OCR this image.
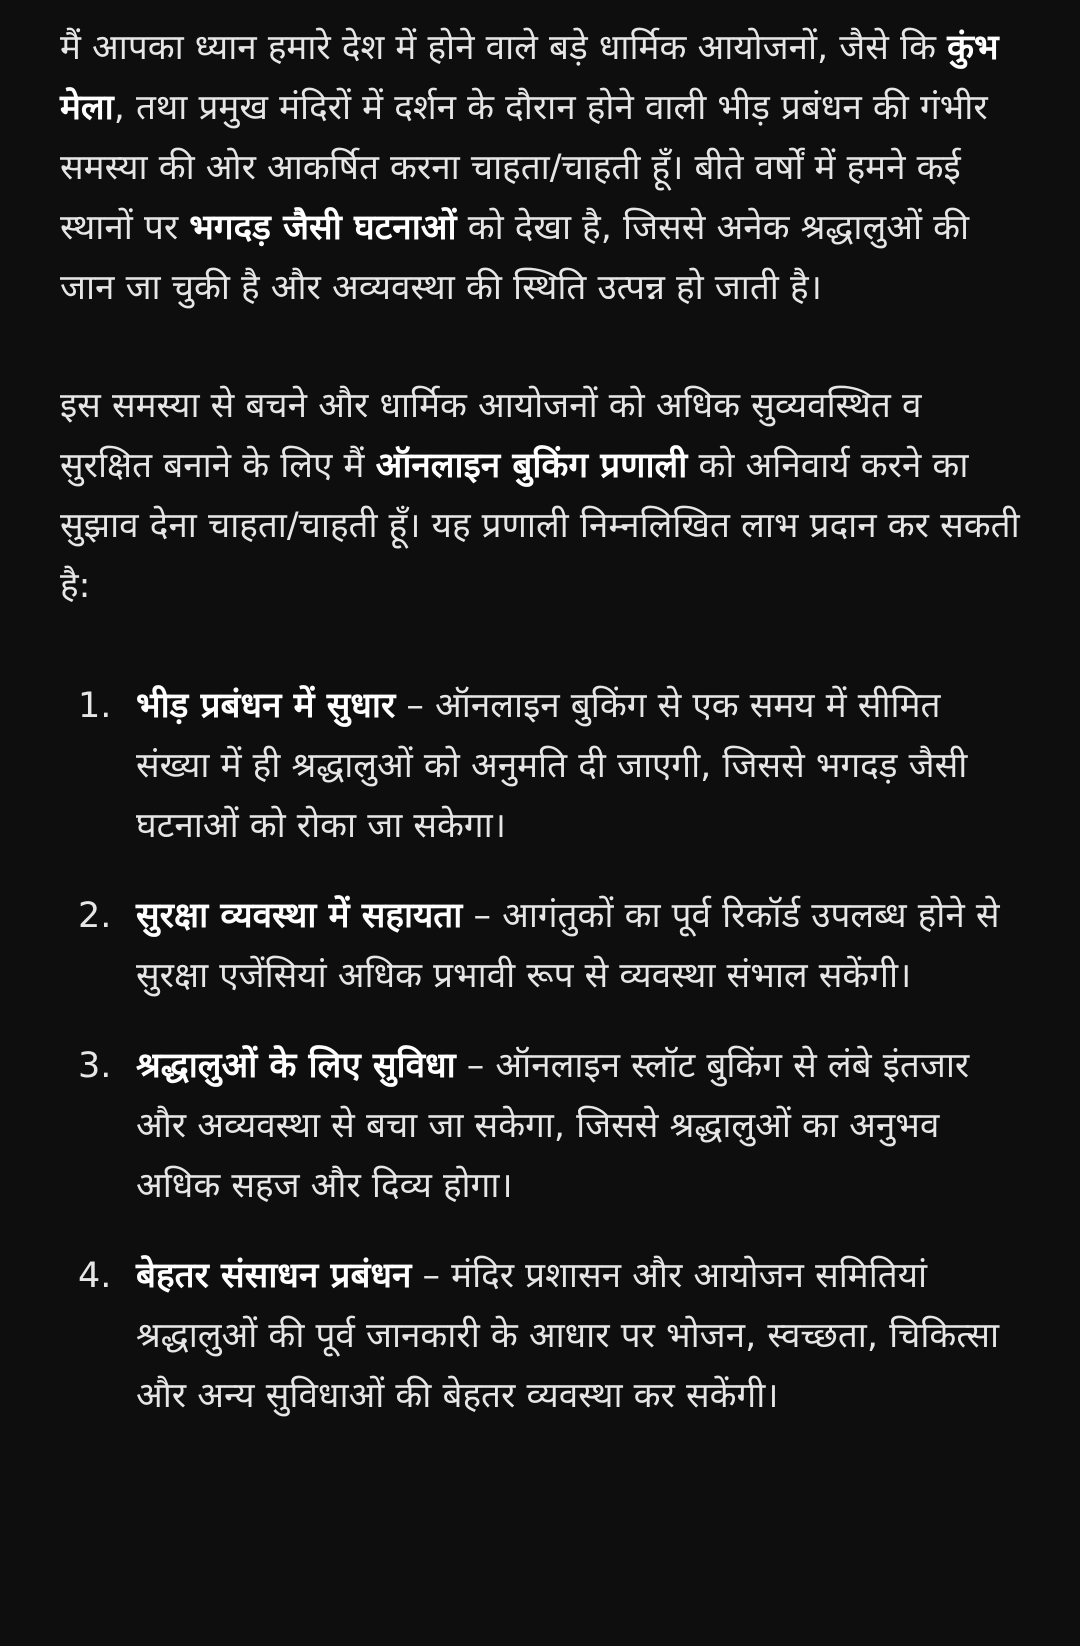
मैं आपका ध्यान हमारे देश में होने वाले बड़े धार्मिक आयोजनों, जैसे कि कुंभ मेला, तथा प्रमुख मंदिरों में दर्शन के दौरान होने वाली भीड़ प्रबंधन की गंभीर समस्या की ओर आकर्षित करना चाहता/चाहती हूँ। बीते वर्षों में हमने कई स्थानों पर भगदड़ जैसी घटनाओं को देखा है, जिससे अनेक श्रद्धालुओं की जान जा चुकी है और अव्यवस्था की स्थिति उत्पन्न हो जाती है।

इस समस्या से बचने और धार्मिक आयोजनों को अधिक सुव्यवस्थित व सुरक्षित बनाने के लिए मैं ऑनलाइन बुकिंग प्रणाली को अनिवार्य करने का सुझाव देना चाहता/चाहती हूँ। यह प्रणाली निम्नलिखित लाभ प्रदान कर सकती है:

1. भीड़ प्रबंधन में सुधार – ऑनलाइन बुकिंग से एक समय में सीमित संख्या में ही श्रद्धालुओं को अनुमति दी जाएगी, जिससे भगदड़ जैसी घटनाओं को रोका जा सकेगा।
2. सुरक्षा व्यवस्था में सहायता – आगंतुकों का पूर्व रिकॉर्ड उपलब्ध होने से सुरक्षा एजेंसियां अधिक प्रभावी रूप से व्यवस्था संभाल सकेंगी।
3. श्रद्धालुओं के लिए सुविधा – ऑनलाइन स्लॉट बुकिंग से लंबे इंतजार और अव्यवस्था से बचा जा सकेगा, जिससे श्रद्धालुओं का अनुभव अधिक सहज और दिव्य होगा।
4. बेहतर संसाधन प्रबंधन – मंदिर प्रशासन और आयोजन समितियां श्रद्धालुओं की पूर्व जानकारी के आधार पर भोजन, स्वच्छता, चिकित्सा और अन्य सुविधाओं की बेहतर व्यवस्था कर सकेंगी।
